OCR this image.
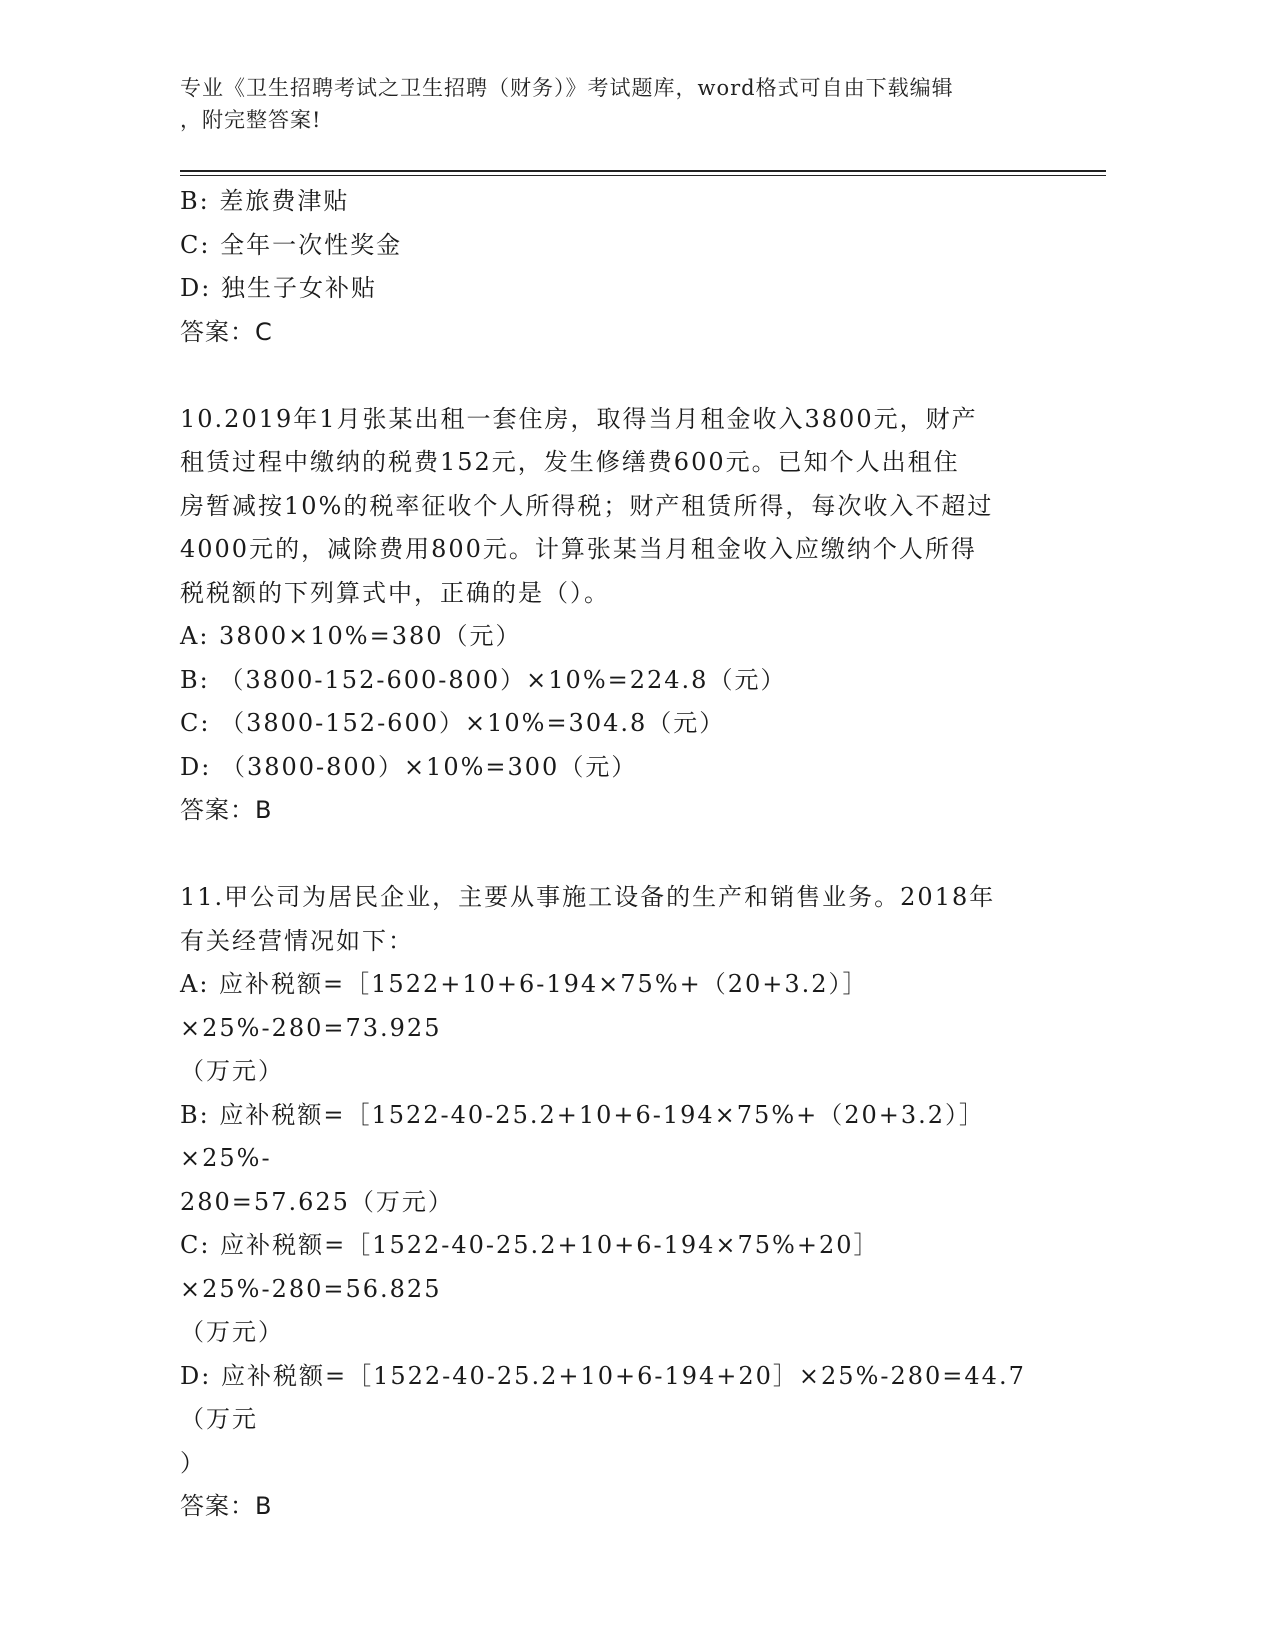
专业《卫生招聘考试之卫生招聘（财务）》考试题库，word格式可自由下载编辑
，附完整答案!
B: 差旅费津贴
C: 全年一次性奖金
D: 独生子女补贴
答案：C
10.2019年1月张某出租一套住房，取得当月租金收入3800元，财产
租赁过程中缴纳的税费152元，发生修缮费600元。已知个人出租住
房暂减按10%的税率征收个人所得税；财产租赁所得，每次收入不超过
4000元的，减除费用800元。计算张某当月租金收入应缴纳个人所得
税税额的下列算式中，正确的是（）。
A: 3800×10%=380（元）
B: （3800-152-600-800）×10%=224.8（元）
C: （3800-152-600）×10%=304.8（元）
D: （3800-800）×10%=300（元）
答案：B
11.甲公司为居民企业，主要从事施工设备的生产和销售业务。2018年
有关经营情况如下：
A: 应补税额=［1522+10+6-194×75%+（20+3.2）］×25%-280=73.925
（万元）
B: 应补税额=［1522-40-25.2+10+6-194×75%+（20+3.2）］×25%-
280=57.625（万元）
C: 应补税额=［1522-40-25.2+10+6-194×75%+20］×25%-280=56.825
（万元）
D: 应补税额=［1522-40-25.2+10+6-194+20］×25%-280=44.7（万元
）
答案：B
